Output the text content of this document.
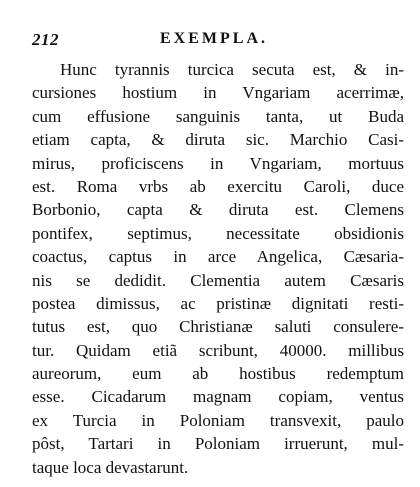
212	EXEMPLA.
Hunc tyrannis turcica secuta est, & in-
cursiones hostium in Vngariam acerrimæ,
cum effusione sanguinis tanta, ut Buda
etiam capta, & diruta sic. Marchio Casi-
mirus, proficiscens in Vngariam, mortuus
est. Roma vrbs ab exercitu Caroli, duce
Borbonio, capta & diruta est. Clemens
pontifex, septimus, necessitate obsidionis
coactus, captus in arce Angelica, Cæsaria-
nis se dedidit. Clementia autem Cæsaris
postea dimissus, ac pristinæ dignitati resti-
tutus est, quo Christianæ saluti consulere-
tur. Quidam etiã scribunt, 40000. millibus
aureorum, eum ab hostibus redemptum
esse. Cicadarum magnam copiam, ventus
ex Turcia in Poloniam transvexit, paulo
pôst, Tartari in Poloniam irruerunt, mul-
taque loca devastarunt.
